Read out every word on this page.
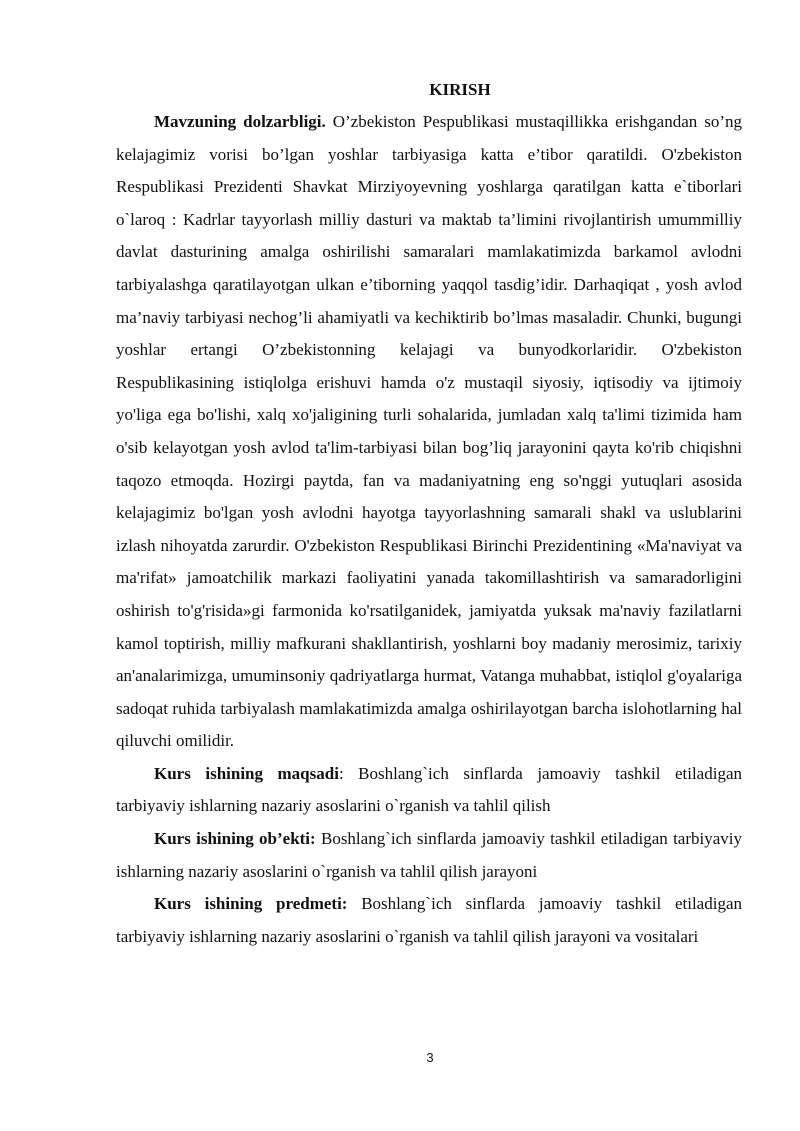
KIRISH

Mavzuning dolzarbligi. O’zbekiston Pespublikasi mustaqillikka erishgandan so’ng kelajagimiz vorisi bo’lgan yoshlar tarbiyasiga katta e’tibor qaratildi. O'zbekiston Respublikasi Prezidenti Shavkat Mirziyoyevning yoshlarga qaratilgan katta e`tiborlari o`laroq : Kadrlar tayyorlash milliy dasturi va maktab ta’limini rivojlantirish umummilliy davlat dasturining amalga oshirilishi samaralari mamlakatimizda barkamol avlodni tarbiyalashga qaratilayotgan ulkan e’tiborning yaqqol tasdig’idir. Darhaqiqat , yosh avlod ma’naviy tarbiyasi nechog’li ahamiyatli va kechiktirib bo’lmas masaladir. Chunki, bugungi yoshlar ertangi O’zbekistonning kelajagi va bunyodkorlaridir. O'zbekiston Respublikasining istiqlolga erishuvi hamda o'z mustaqil siyosiy, iqtisodiy va ijtimoiy yo'liga ega bo'lishi, xalq xo'jaligining turli sohalarida, jumladan xalq ta'limi tizimida ham o'sib kelayotgan yosh avlod ta'lim-tarbiyasi bilan bog’liq jarayonini qayta ko'rib chiqishni taqozo etmoqda. Hozirgi paytda, fan va madaniyatning eng so'nggi yutuqlari asosida kelajagimiz bo'lgan yosh avlodni hayotga tayyorlashning samarali shakl va uslublarini izlash nihoyatda zarurdir. O'zbekiston Respublikasi Birinchi Prezidentining «Ma'naviyat va ma'rifat» jamoatchilik markazi faoliyatini yanada takomillashtirish va samaradorligini oshirish to'g'risida»gi farmonida ko'rsatilganidek, jamiyatda yuksak ma'naviy fazilatlarni kamol toptirish, milliy mafkurani shakllantirish, yoshlarni boy madaniy merosimiz, tarixiy an'analarimizga, umuminsoniy qadriyatlarga hurmat, Vatanga muhabbat, istiqlol g'oyalariga sadoqat ruhida tarbiyalash mamlakatimizda amalga oshirilayotgan barcha islohotlarning hal qiluvchi omilidir.

Kurs ishining maqsadi: Boshlang`ich sinflarda jamoaviy tashkil etiladigan tarbiyaviy ishlarning nazariy asoslarini o`rganish va tahlil qilish

Kurs ishining ob’ekti: Boshlang`ich sinflarda jamoaviy tashkil etiladigan tarbiyaviy ishlarning nazariy asoslarini o`rganish va tahlil qilish jarayoni

Kurs ishining predmeti: Boshlang`ich sinflarda jamoaviy tashkil etiladigan tarbiyaviy ishlarning nazariy asoslarini o`rganish va tahlil qilish jarayoni va vositalari

3
